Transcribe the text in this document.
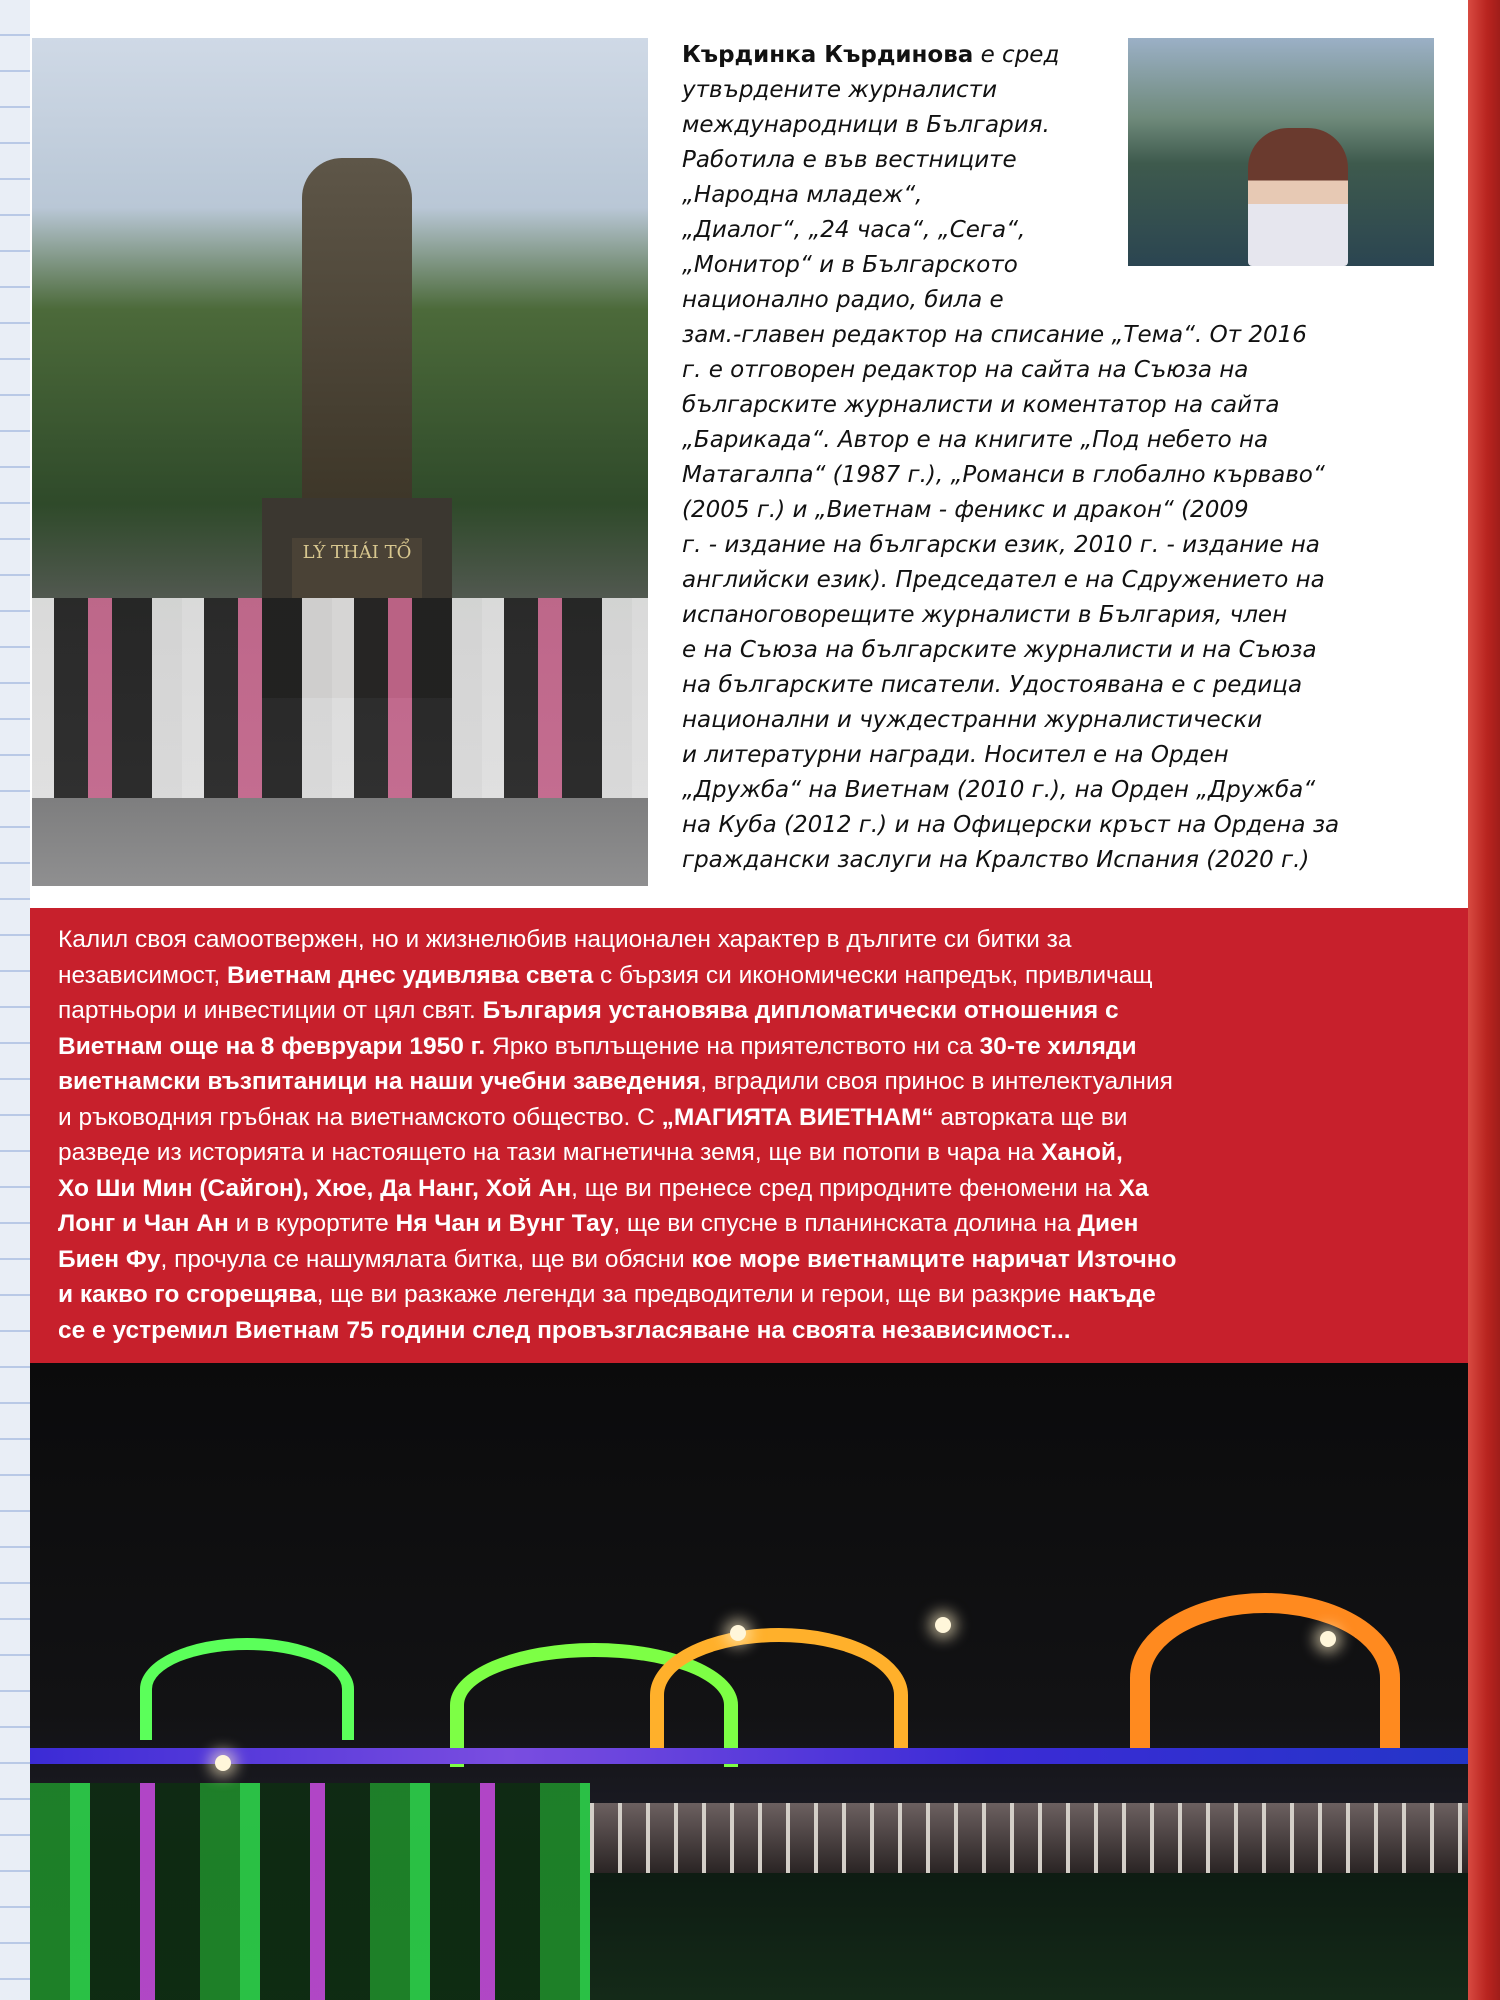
LÝ THÁI TỔ
Кърдинка Кърдинова е сред
утвърдените журналисти
международници в България.
Работила е във вестниците
„Народна младеж“,
„Диалог“, „24 часа“, „Сега“,
„Монитор“ и в Българското
национално радио, била е
зам.-главен редактор на списание „Тема“. От 2016
г. е отговорен редактор на сайта на Съюза на
българските журналисти и коментатор на сайта
„Барикада“. Автор е на книгите „Под небето на
Матагалпа“ (1987 г.), „Романси в глобално кървaво“
(2005 г.) и „Виетнам - феникс и дракон“ (2009
г. - издание на български език, 2010 г. - издание на
английски език). Председател е на Сдружението на
испаноговорещите журналисти в България, член
е на Съюза на българските журналисти и на Съюза
на българските писатели. Удостоявана е с редица
национални и чуждестранни журналистически
и литературни награди. Носител е на Орден
„Дружба“ на Виетнам (2010 г.), на Орден „Дружба“
на Куба (2012 г.) и на Офицерски кръст на Ордена за
граждански заслуги на Кралство Испания (2020 г.)
Калил своя самоотвержен, но и жизнелюбив национален характер в дългите си битки за
независимост, Виетнам днес удивлява света с бързия си икономически напредък, привличащ
партньори и инвестиции от цял свят. България установява дипломатически отношения с
Виетнам още на 8 февруари 1950 г. Ярко въплъщение на приятелството ни са 30-те хиляди
виетнамски възпитаници на наши учебни заведения, вградили своя принос в интелектуалния
и ръководния гръбнак на виетнамското общество. С „МАГИЯТА ВИЕТНАМ“ авторката ще ви
разведе из историята и настоящето на тази магнетична земя, ще ви потопи в чара на Ханой,
Хо Ши Мин (Сайгон), Хюе, Да Нанг, Хой Ан, ще ви пренесе сред природните феномени на Ха
Лонг и Чан Ан и в курортите Ня Чан и Вунг Тау, ще ви спусне в планинската долина на Диен
Биен Фу, прочула се нашумялата битка, ще ви обясни кое море виетнамците наричат Източно
и какво го сгорещява, ще ви разкаже легенди за предводители и герои, ще ви разкрие накъде
се е устремил Виетнам 75 години след провъзгласяване на своята независимост...
